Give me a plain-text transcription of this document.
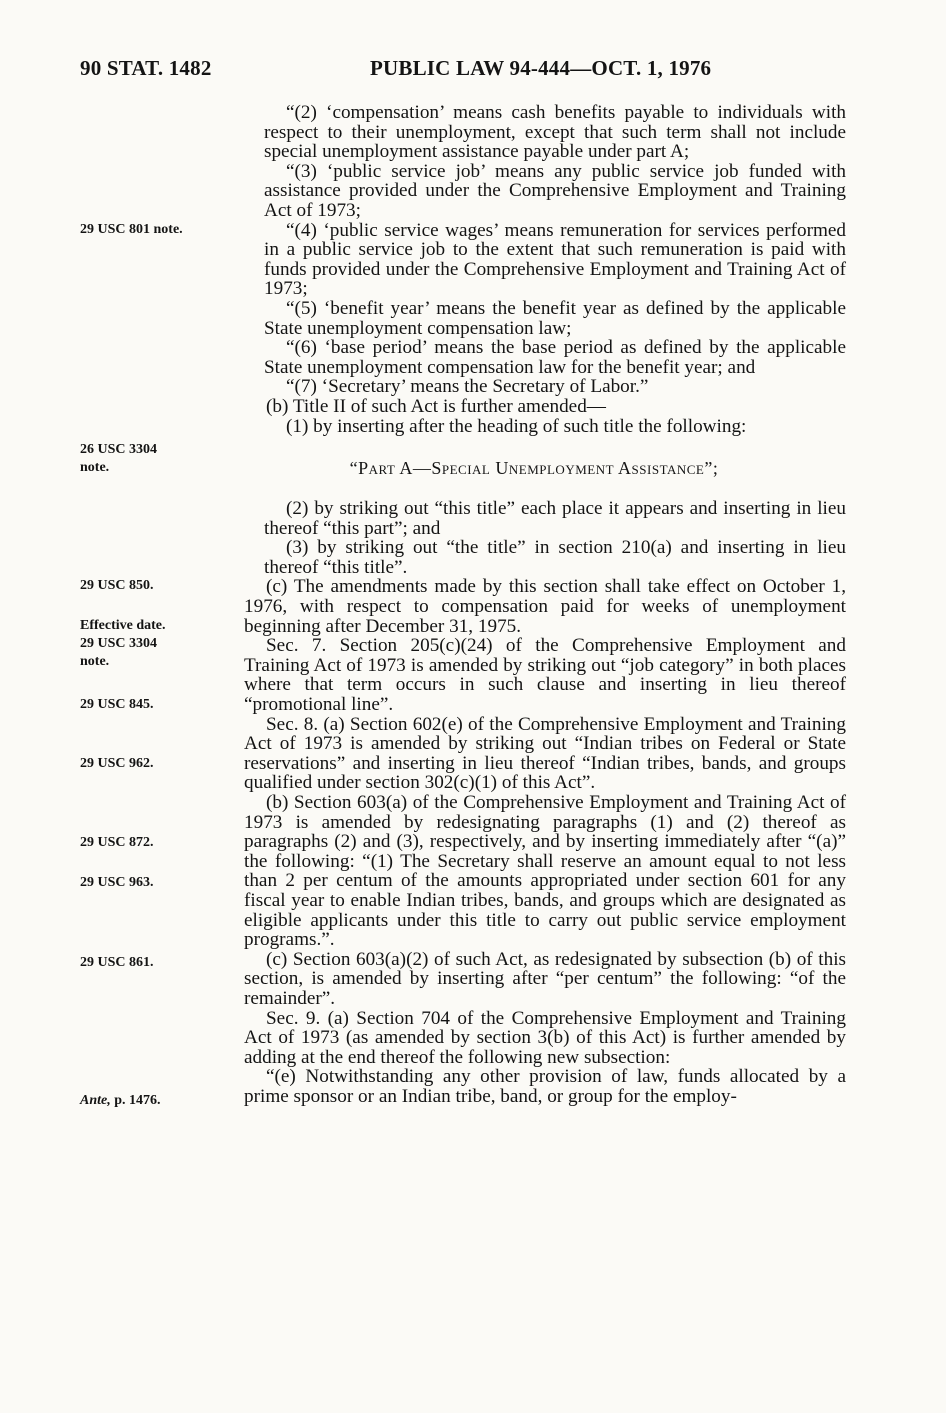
90 STAT. 1482	PUBLIC LAW 94-444—OCT. 1, 1976
29 USC 801 note.
26 USC 3304
note.
29 USC 850.
Effective date.
29 USC 3304
note.
29 USC 845.
29 USC 962.
29 USC 872.
29 USC 963.
29 USC 861.
Ante, p. 1476.

“(2) ‘compensation’ means cash benefits payable to individuals with respect to their unemployment, except that such term shall not include special unemployment assistance payable under part A;

“(3) ‘public service job’ means any public service job funded with assistance provided under the Comprehensive Employment and Training Act of 1973;

“(4) ‘public service wages’ means remuneration for services performed in a public service job to the extent that such remuneration is paid with funds provided under the Comprehensive Employment and Training Act of 1973;

“(5) ‘benefit year’ means the benefit year as defined by the applicable State unemployment compensation law;

“(6) ‘base period’ means the base period as defined by the applicable State unemployment compensation law for the benefit year; and

“(7) ‘Secretary’ means the Secretary of Labor.”

(b) Title II of such Act is further amended—

(1) by inserting after the heading of such title the following:

“Part A—Special Unemployment Assistance”;

(2) by striking out “this title” each place it appears and inserting in lieu thereof “this part”; and

(3) by striking out “the title” in section 210(a) and inserting in lieu thereof “this title”.

(c) The amendments made by this section shall take effect on October 1, 1976, with respect to compensation paid for weeks of unemployment beginning after December 31, 1975.

Sec. 7. Section 205(c)(24) of the Comprehensive Employment and Training Act of 1973 is amended by striking out “job category” in both places where that term occurs in such clause and inserting in lieu thereof “promotional line”.

Sec. 8. (a) Section 602(e) of the Comprehensive Employment and Training Act of 1973 is amended by striking out “Indian tribes on Federal or State reservations” and inserting in lieu thereof “Indian tribes, bands, and groups qualified under section 302(c)(1) of this Act”.

(b) Section 603(a) of the Comprehensive Employment and Training Act of 1973 is amended by redesignating paragraphs (1) and (2) thereof as paragraphs (2) and (3), respectively, and by inserting immediately after “(a)” the following: “(1) The Secretary shall reserve an amount equal to not less than 2 per centum of the amounts appropriated under section 601 for any fiscal year to enable Indian tribes, bands, and groups which are designated as eligible applicants under this title to carry out public service employment programs.”.

(c) Section 603(a)(2) of such Act, as redesignated by subsection (b) of this section, is amended by inserting after “per centum” the following: “of the remainder”.

Sec. 9. (a) Section 704 of the Comprehensive Employment and Training Act of 1973 (as amended by section 3(b) of this Act) is further amended by adding at the end thereof the following new subsection:

“(e) Notwithstanding any other provision of law, funds allocated by a prime sponsor or an Indian tribe, band, or group for the employ-
